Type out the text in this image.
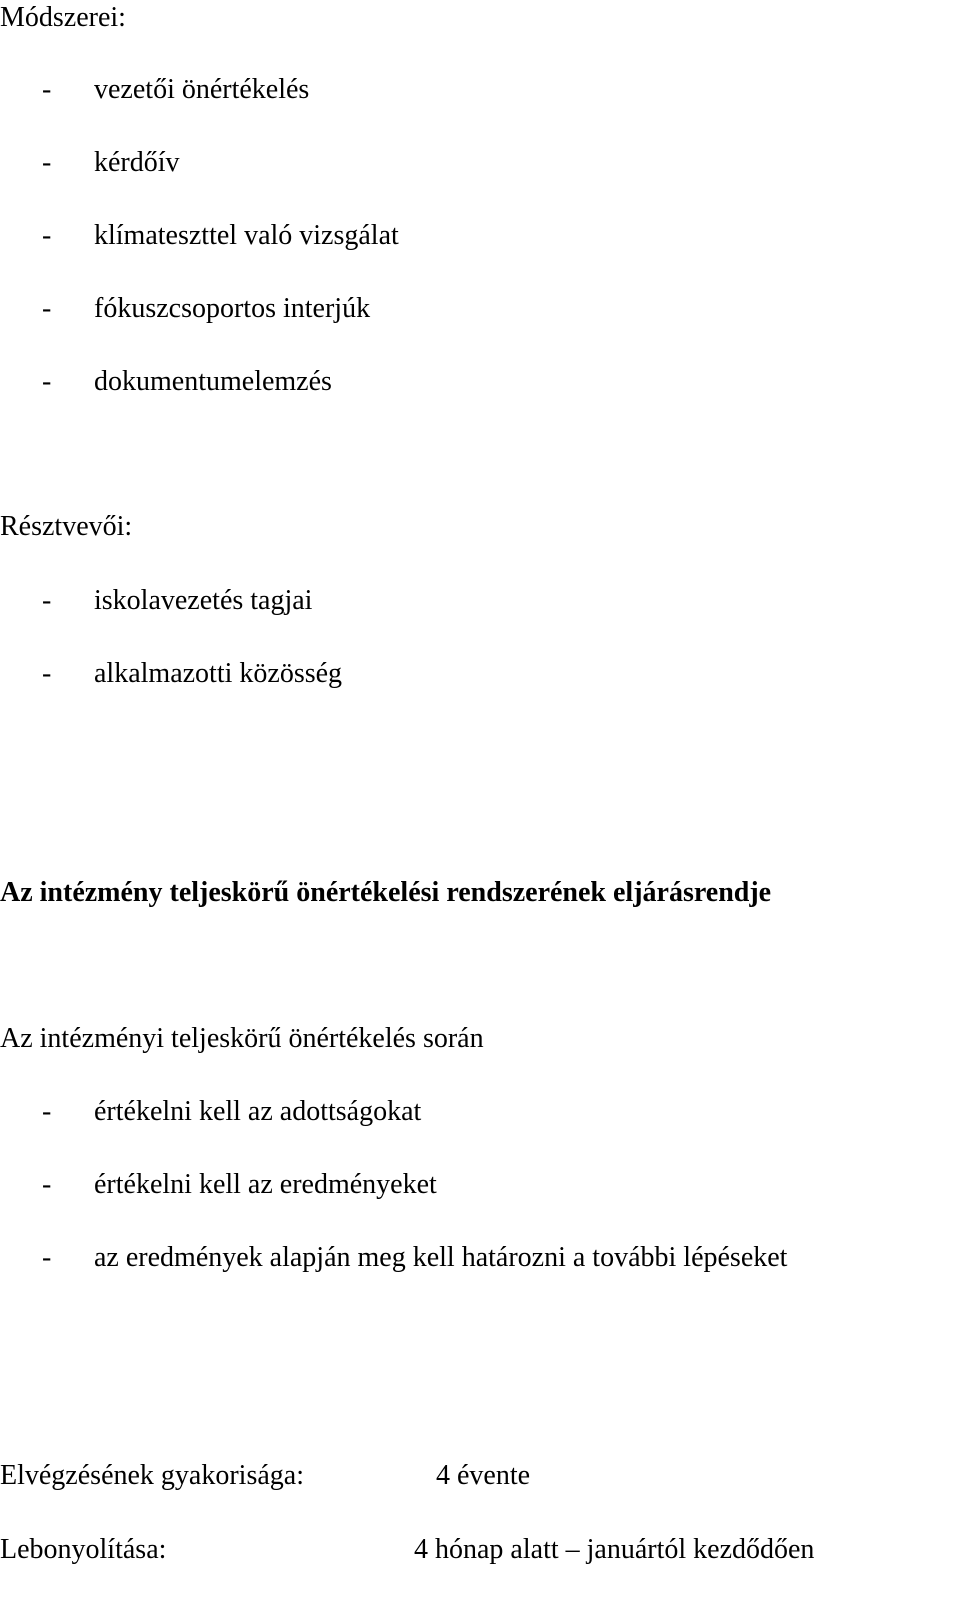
Módszerei:
- vezetői önértékelés
- kérdőív
- klímateszttel való vizsgálat
- fókuszcsoportos interjúk
- dokumentumelemzés
Résztvevői:
- iskolavezetés tagjai
- alkalmazotti közösség
Az intézmény teljeskörű önértékelési rendszerének eljárásrendje
Az intézményi teljeskörű önértékelés során
- értékelni kell az adottságokat
- értékelni kell az eredményeket
- az eredmények alapján meg kell határozni a további lépéseket
Elvégzésének gyakorisága:	4 évente
Lebonyolítása:	4 hónap alatt – januártól kezdődően
